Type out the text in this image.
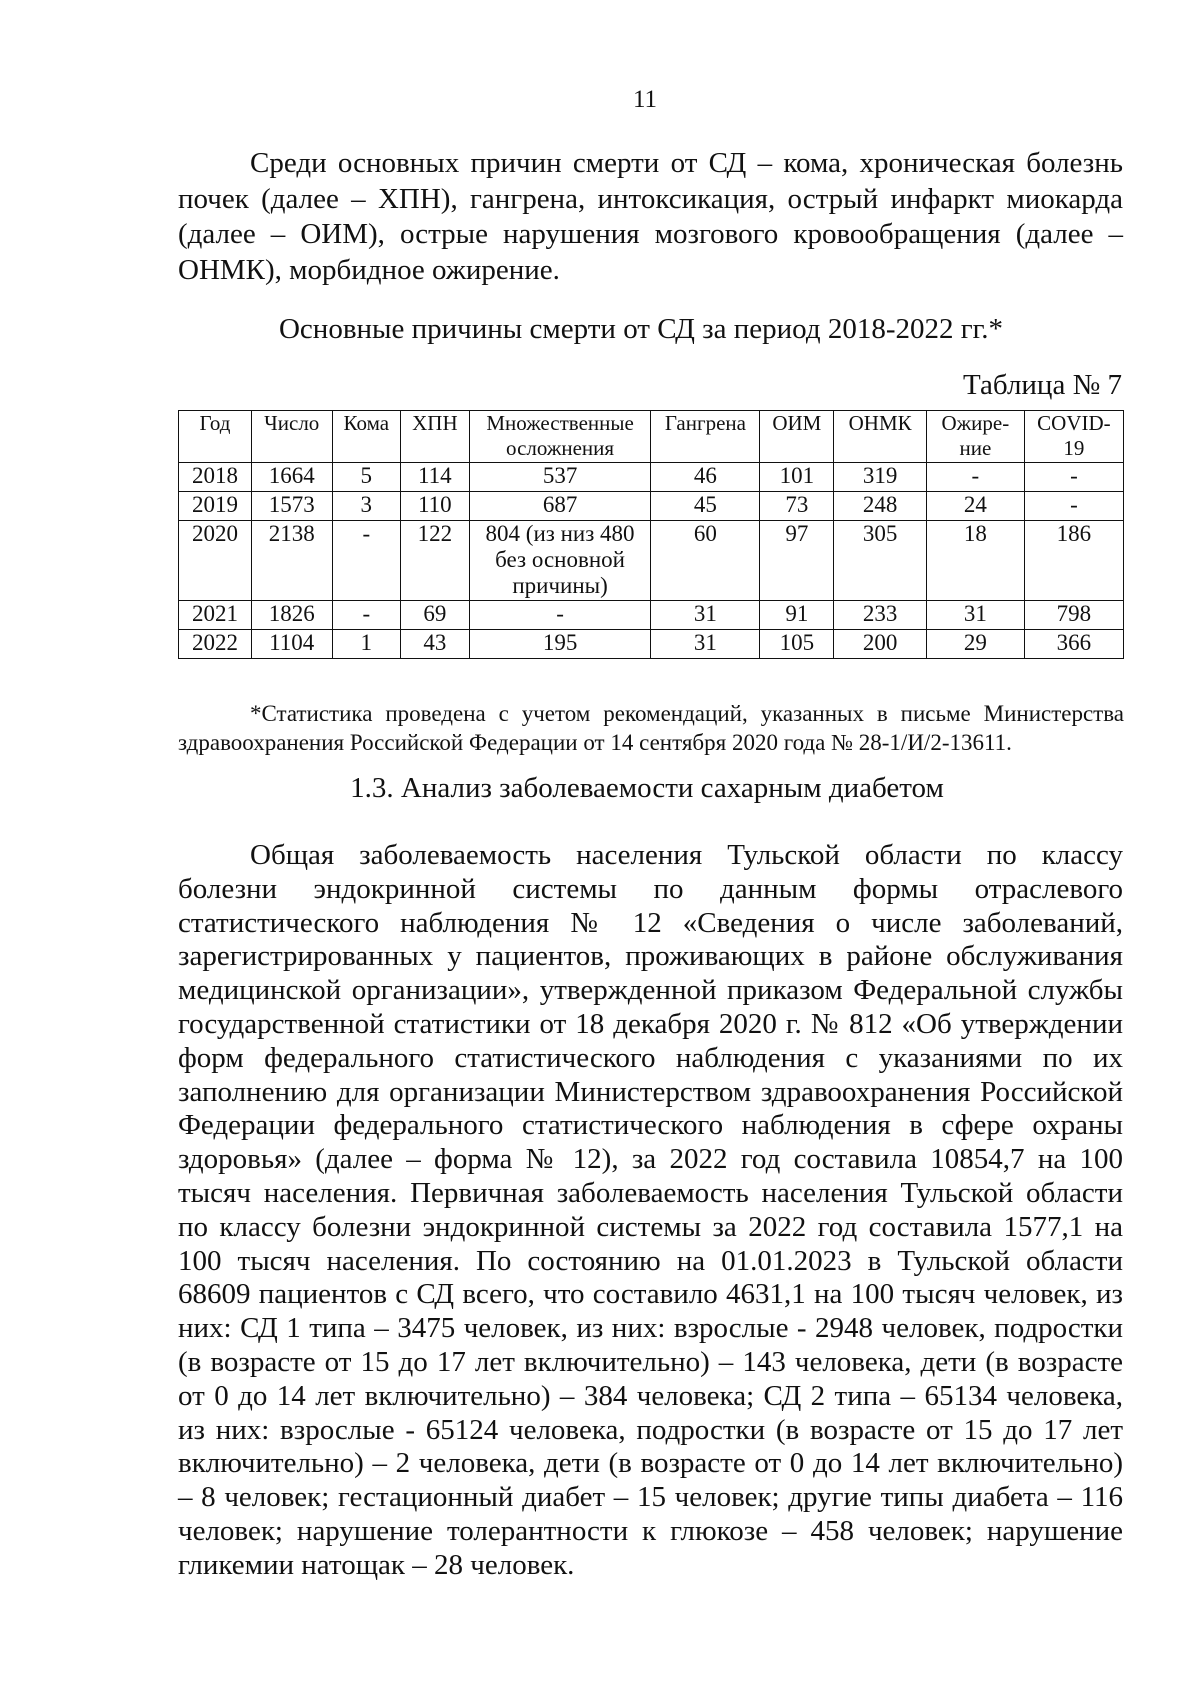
11

Среди основных причин смерти от СД – кома, хроническая болезнь почек (далее – ХПН), гангрена, интоксикация, острый инфаркт миокарда (далее – ОИМ), острые нарушения мозгового кровообращения (далее – ОНМК), морбидное ожирение.

Основные причины смерти от СД за период 2018-2022 гг.*

Таблица № 7

Год	Число	Кома	ХПН	Множественные осложнения	Гангрена	ОИМ	ОНМК	Ожире-ние	COVID-19
2018	1664	5	114	537	46	101	319	-	-
2019	1573	3	110	687	45	73	248	24	-
2020	2138	-	122	804 (из низ 480 без основной причины)	60	97	305	18	186
2021	1826	-	69	-	31	91	233	31	798
2022	1104	1	43	195	31	105	200	29	366

*Статистика проведена с учетом рекомендаций, указанных в письме Министерства здравоохранения Российской Федерации от 14 сентября 2020 года № 28-1/И/2-13611.

1.3. Анализ заболеваемости сахарным диабетом

Общая заболеваемость населения Тульской области по классу болезни эндокринной системы по данным формы отраслевого статистического наблюдения № 12 «Сведения о числе заболеваний, зарегистрированных у пациентов, проживающих в районе обслуживания медицинской организации», утвержденной приказом Федеральной службы государственной статистики от 18 декабря 2020 г. № 812 «Об утверждении форм федерального статистического наблюдения с указаниями по их заполнению для организации Министерством здравоохранения Российской Федерации федерального статистического наблюдения в сфере охраны здоровья» (далее – форма № 12), за 2022 год составила 10854,7 на 100 тысяч населения. Первичная заболеваемость населения Тульской области по классу болезни эндокринной системы за 2022 год составила 1577,1 на 100 тысяч населения. По состоянию на 01.01.2023 в Тульской области 68609 пациентов с СД всего, что составило 4631,1 на 100 тысяч человек, из них: СД 1 типа – 3475 человек, из них: взрослые - 2948 человек, подростки (в возрасте от 15 до 17 лет включительно) – 143 человека, дети (в возрасте от 0 до 14 лет включительно) – 384 человека; СД 2 типа – 65134 человека, из них: взрослые - 65124 человека, подростки (в возрасте от 15 до 17 лет включительно) – 2 человека, дети (в возрасте от 0 до 14 лет включительно) – 8 человек; гестационный диабет – 15 человек; другие типы диабета – 116 человек; нарушение толерантности к глюкозе – 458 человек; нарушение гликемии натощак – 28 человек.
